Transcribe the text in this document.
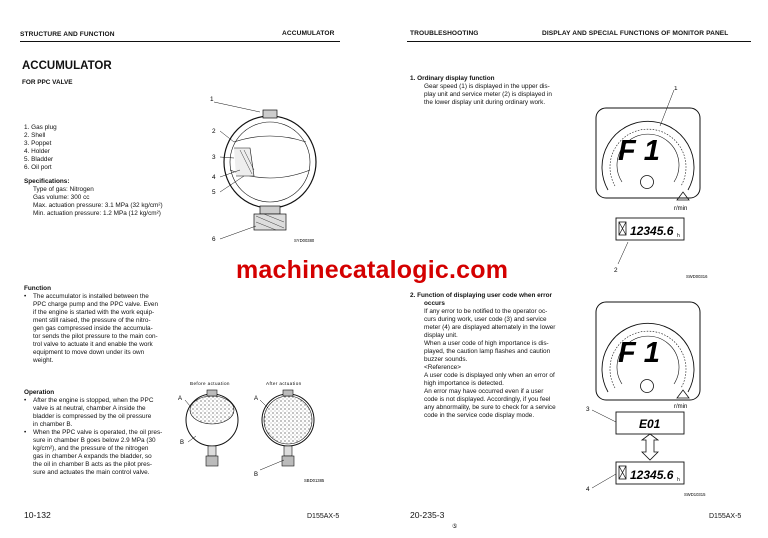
STRUCTURE AND FUNCTION	ACCUMULATOR
ACCUMULATOR
FOR PPC VALVE
1. Gas plug
2. Shell
3. Poppet
4. Holder
5. Bladder
6. Oil port
Specifications:
Type of gas: Nitrogen
Gas volume: 300 cc
Max. actuation pressure: 3.1 MPa (32 kg/cm²)
Min. actuation pressure: 1.2 MPa (12 kg/cm²)
1
2
3
4
5
6	SYD00380
Function
• The accumulator is installed between the
PPC charge pump and the PPC valve. Even
if the engine is started with the work equip-
ment still raised, the pressure of the nitro-
gen gas compressed inside the accumula-
tor sends the pilot pressure to the main con-
trol valve to actuate it and enable the work
equipment to move down under its own
weight.
Operation
• After the engine is stopped, when the PPC
valve is at neutral, chamber A inside the
bladder is compressed by the oil pressure
in chamber B.
• When the PPC valve is operated, the oil pres-
sure in chamber B goes below 2.9 MPa (30
kg/cm²), and the pressure of the nitrogen
gas in chamber A expands the bladder, so
the oil in chamber B acts as the pilot pres-
sure and actuates the main control valve.
Before actuation	After actuation
A
B
A
B
SBD01385
10-132	D155AX-5
TROUBLESHOOTING	DISPLAY AND SPECIAL FUNCTIONS OF MONITOR PANEL
1. Ordinary display function
Gear speed (1) is displayed in the upper dis-
play unit and service meter (2) is displayed in
the lower display unit during ordinary work.
2. Function of displaying user code when error
occurs
If any error to be notified to the operator oc-
curs during work, user code (3) and service
meter (4) are displayed alternately in the lower
display unit.
When a user code of high importance is dis-
played, the caution lamp flashes and caution
buzzer sounds.
<Reference>
A user code is displayed only when an error of
high importance is detected.
An error may have occurred even if a user
code is not displayed. Accordingly, if you feel
any abnormality, be sure to check for a service
code in the service code display mode.
F 1
r/min
12345.6 h
1
2
SWD00316
F 1
r/min
E01
12345.6 h
3
4
SWD10315
20-235-3
⑤
D155AX-5
machinecatalogic.com
